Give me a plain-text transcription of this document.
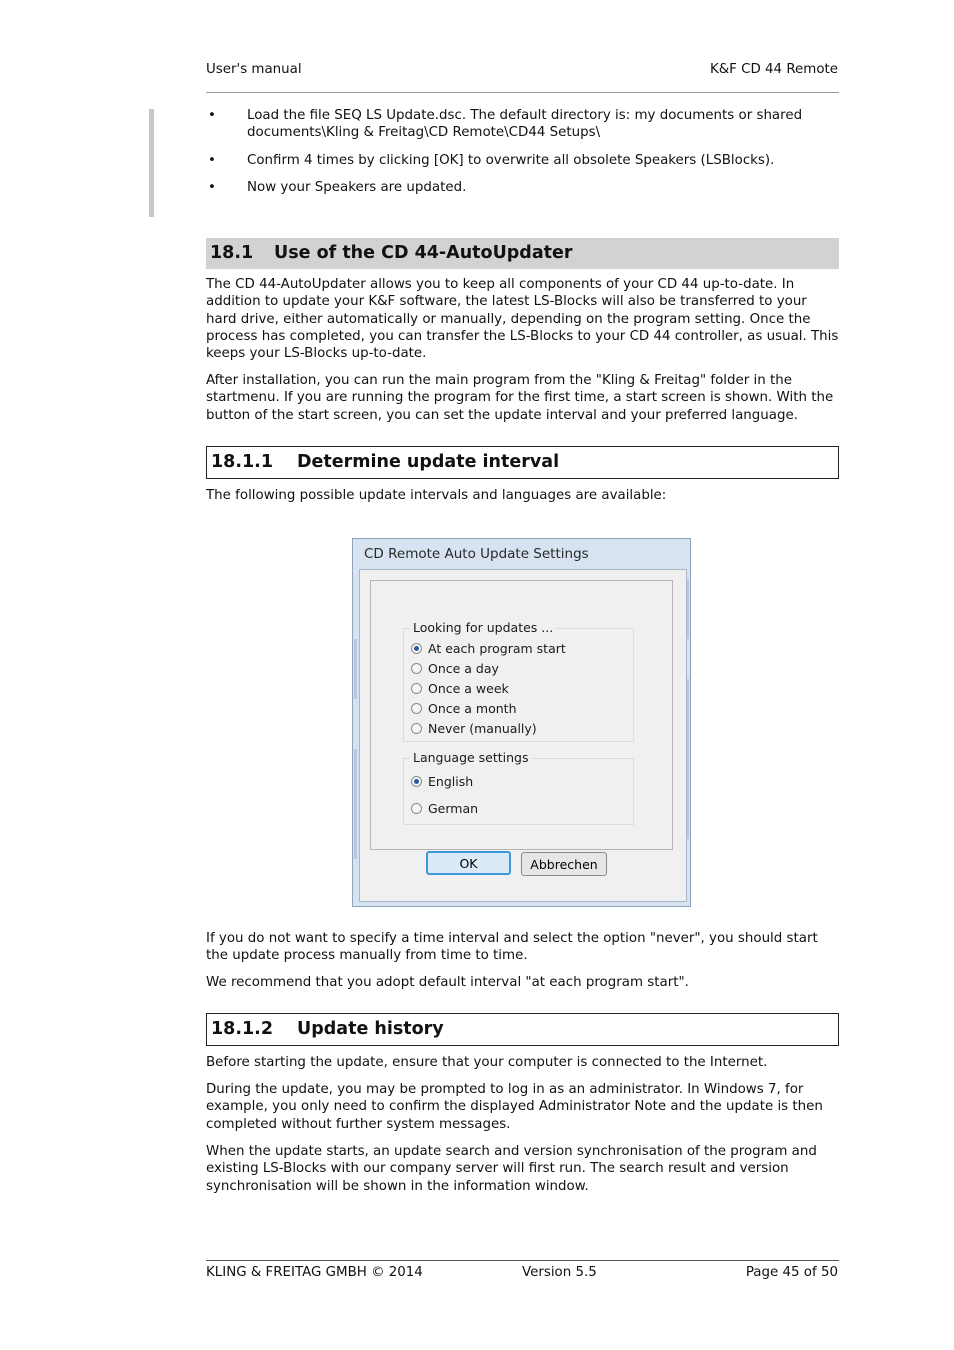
User's manual	K&F CD 44 Remote
• Load the file SEQ LS Update.dsc. The default directory is: my documents or shared documents\Kling & Freitag\CD Remote\CD44 Setups\
• Confirm 4 times by clicking [OK] to overwrite all obsolete Speakers (LSBlocks).
• Now your Speakers are updated.
18.1	Use of the CD 44-AutoUpdater

The CD 44-AutoUpdater allows you to keep all components of your CD 44 up-to-date. In addition to update your K&F software, the latest LS-Blocks will also be transferred to your hard drive, either automatically or manually, depending on the program setting. Once the process has completed, you can transfer the LS-Blocks to your CD 44 controller, as usual. This keeps your LS-Blocks up-to-date.

After installation, you can run the main program from the "Kling & Freitag" folder in the startmenu. If you are running the program for the first time, a start screen is shown. With the button of the start screen, you can set the update interval and your preferred language.

18.1.1	Determine update interval

The following possible update intervals and languages are available:

CD Remote Auto Update Settings
Looking for updates ...
At each program start
Once a day
Once a week
Once a month
Never (manually)
Language settings
English
German
OK	Abbrechen

If you do not want to specify a time interval and select the option "never", you should start the update process manually from time to time.

We recommend that you adopt default interval "at each program start".

18.1.2	Update history

Before starting the update, ensure that your computer is connected to the Internet.

During the update, you may be prompted to log in as an administrator. In Windows 7, for example, you only need to confirm the displayed Administrator Note and the update is then completed without further system messages.

When the update starts, an update search and version synchronisation of the program and existing LS-Blocks with our company server will first run. The search result and version synchronisation will be shown in the information window.

KLING & FREITAG GMBH © 2014	Version 5.5	Page 45 of 50
